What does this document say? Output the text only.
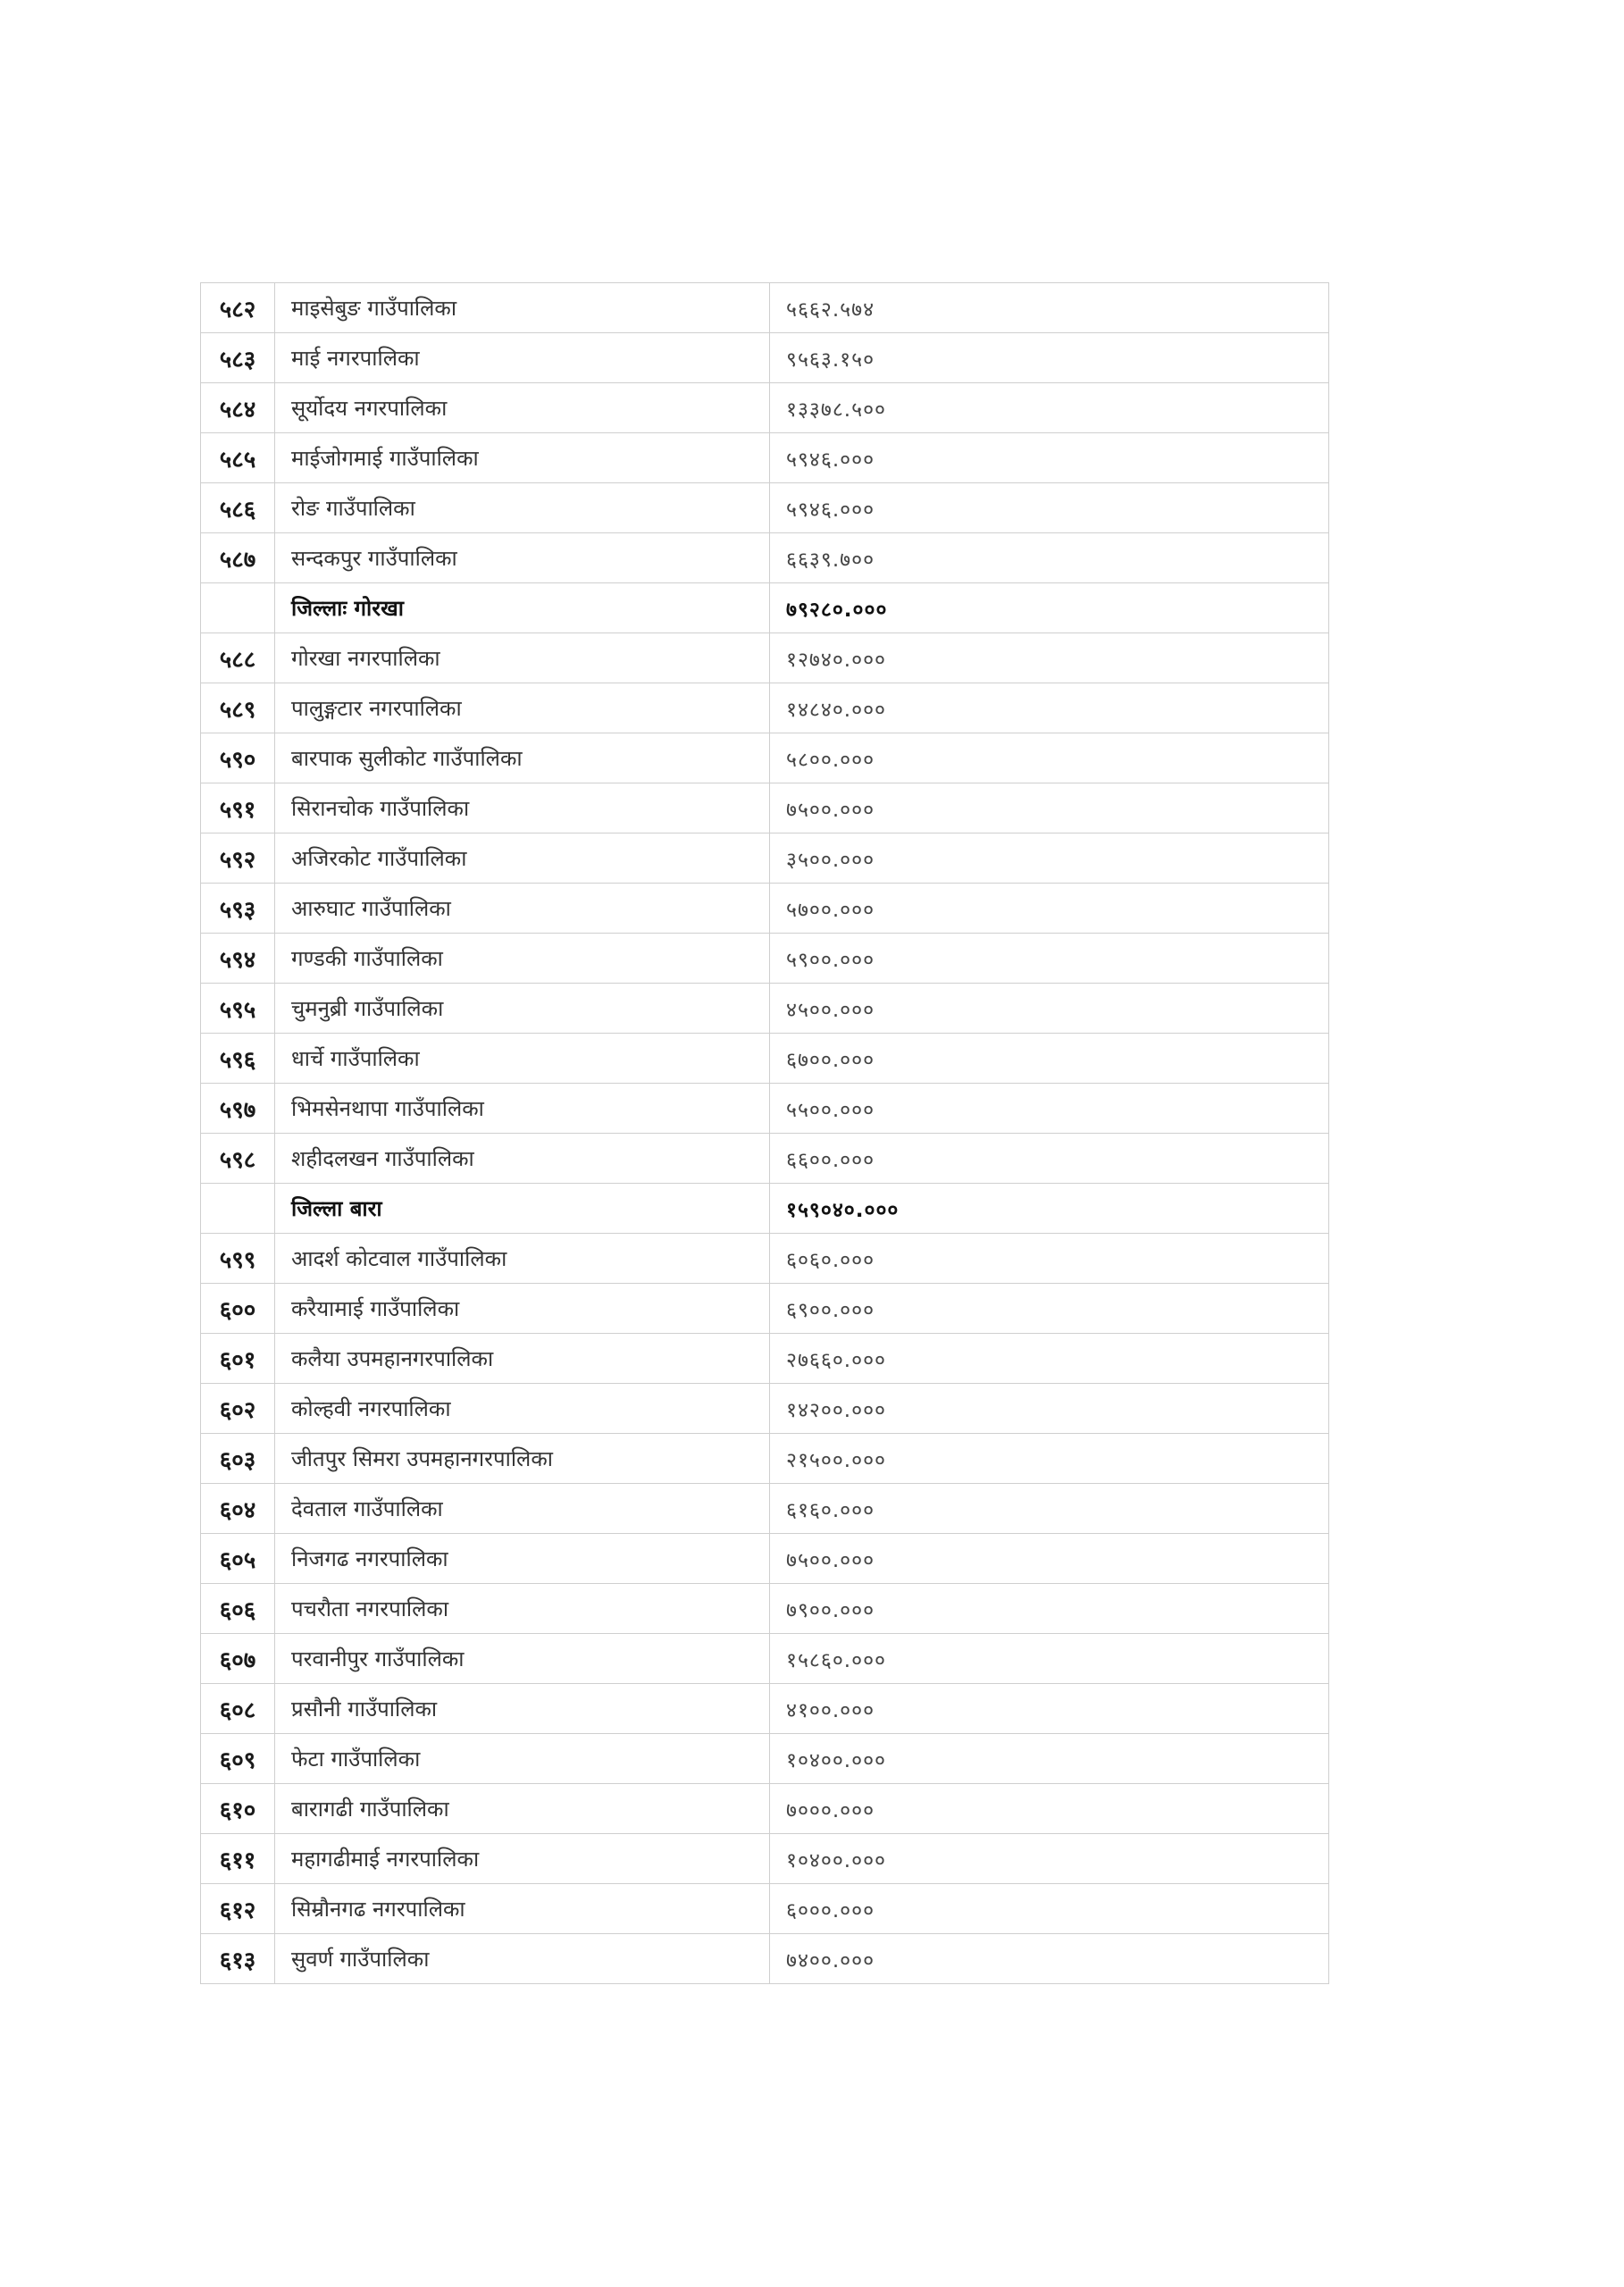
५८२	माइसेबुङ गाउँपालिका	५६६२.५७४
५८३	माई नगरपालिका	९५६३.१५०
५८४	सूर्योदय नगरपालिका	१३३७८.५००
५८५	माईजोगमाई गाउँपालिका	५९४६.०००
५८६	रोङ गाउँपालिका	५९४६.०००
५८७	सन्दकपुर गाउँपालिका	६६३९.७००
	जिल्लाः गोरखा	७९२८०.०००
५८८	गोरखा नगरपालिका	१२७४०.०००
५८९	पालुङ्गटार नगरपालिका	१४८४०.०००
५९०	बारपाक सुलीकोट गाउँपालिका	५८००.०००
५९१	सिरानचोक गाउँपालिका	७५००.०००
५९२	अजिरकोट गाउँपालिका	३५००.०००
५९३	आरुघाट गाउँपालिका	५७००.०००
५९४	गण्डकी गाउँपालिका	५९००.०००
५९५	चुमनुब्री गाउँपालिका	४५००.०००
५९६	धार्चे गाउँपालिका	६७००.०००
५९७	भिमसेनथापा गाउँपालिका	५५००.०००
५९८	शहीदलखन गाउँपालिका	६६००.०००
	जिल्ला बारा	१५९०४०.०००
५९९	आदर्श कोटवाल गाउँपालिका	६०६०.०००
६००	करैयामाई गाउँपालिका	६९००.०००
६०१	कलैया उपमहानगरपालिका	२७६६०.०००
६०२	कोल्हवी नगरपालिका	१४२००.०००
६०३	जीतपुर सिमरा उपमहानगरपालिका	२१५००.०००
६०४	देवताल गाउँपालिका	६१६०.०००
६०५	निजगढ नगरपालिका	७५००.०००
६०६	पचरौता नगरपालिका	७९००.०००
६०७	परवानीपुर गाउँपालिका	१५८६०.०००
६०८	प्रसौनी गाउँपालिका	४१००.०००
६०९	फेटा गाउँपालिका	१०४००.०००
६१०	बारागढी गाउँपालिका	७०००.०००
६११	महागढीमाई नगरपालिका	१०४००.०००
६१२	सिम्रौनगढ नगरपालिका	६०००.०००
६१३	सुवर्ण गाउँपालिका	७४००.०००
